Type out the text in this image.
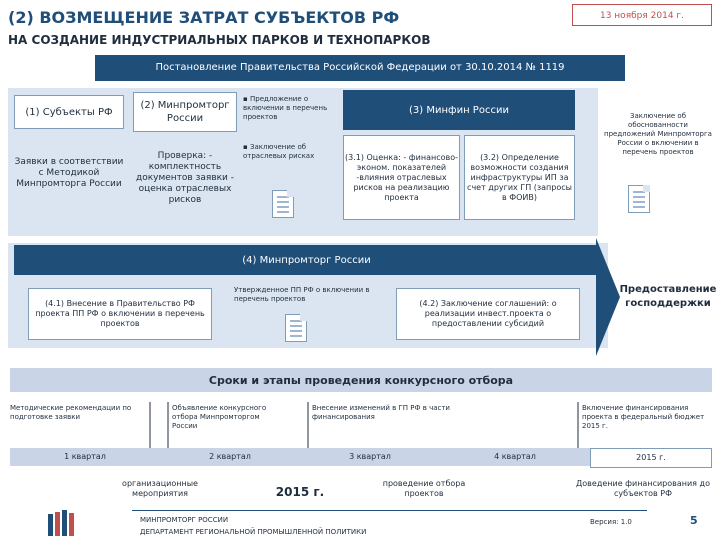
(2) ВОЗМЕЩЕНИЕ ЗАТРАТ СУБЪЕКТОВ РФ
НА СОЗДАНИЕ ИНДУСТРИАЛЬНЫХ ПАРКОВ И ТЕХНОПАРКОВ
13 ноября 2014 г.
Постановление Правительства Российской Федерации от 30.10.2014 № 1119
(1) Субъекты РФ
Заявки в соответствии с Методикой Минпромторга России
(2) Минпромторг России
Проверка: - комплектность документов заявки - оценка отраслевых рисков
▪ Предложение о включении в перечень проектов
▪ Заключение об отраслевых рисках
(3) Минфин России
(3.1) Оценка: - финансово-эконом. показателей -влияния отраслевых рисков на реализацию проекта
(3.2) Определение возможности создания инфраструктуры ИП за счет других ГП (запросы в ФОИВ)
Заключение об обоснованности предложений Минпромторга России о включении в перечень проектов
(4) Минпромторг России
(4.1) Внесение в Правительство РФ проекта ПП РФ о включении в перечень проектов
Утвержденное ПП РФ о включении в перечень проектов	(4.2) Заключение соглашений: о реализации инвест.проекта о предоставлении субсидий
Предоставление господдержки
Сроки и этапы проведения конкурсного отбора
Методические рекомендации по подготовке заявки
Объявление конкурсного отбора Минпромторгом России
Внесение изменений в ГП РФ в части финансирования
Включение финансирования проекта в федеральный бюджет 2015 г.
1 квартал	2 квартал	3 квартал	4 квартал	2015 г.
организационные мероприятия	2015 г.
проведение отбора проектов
Доведение финансирования до субъектов РФ
МИНПРОМТОРГ РОССИИ
ДЕПАРТАМЕНТ РЕГИОНАЛЬНОЙ ПРОМЫШЛЕННОЙ ПОЛИТИКИ
Версия: 1.0	5
